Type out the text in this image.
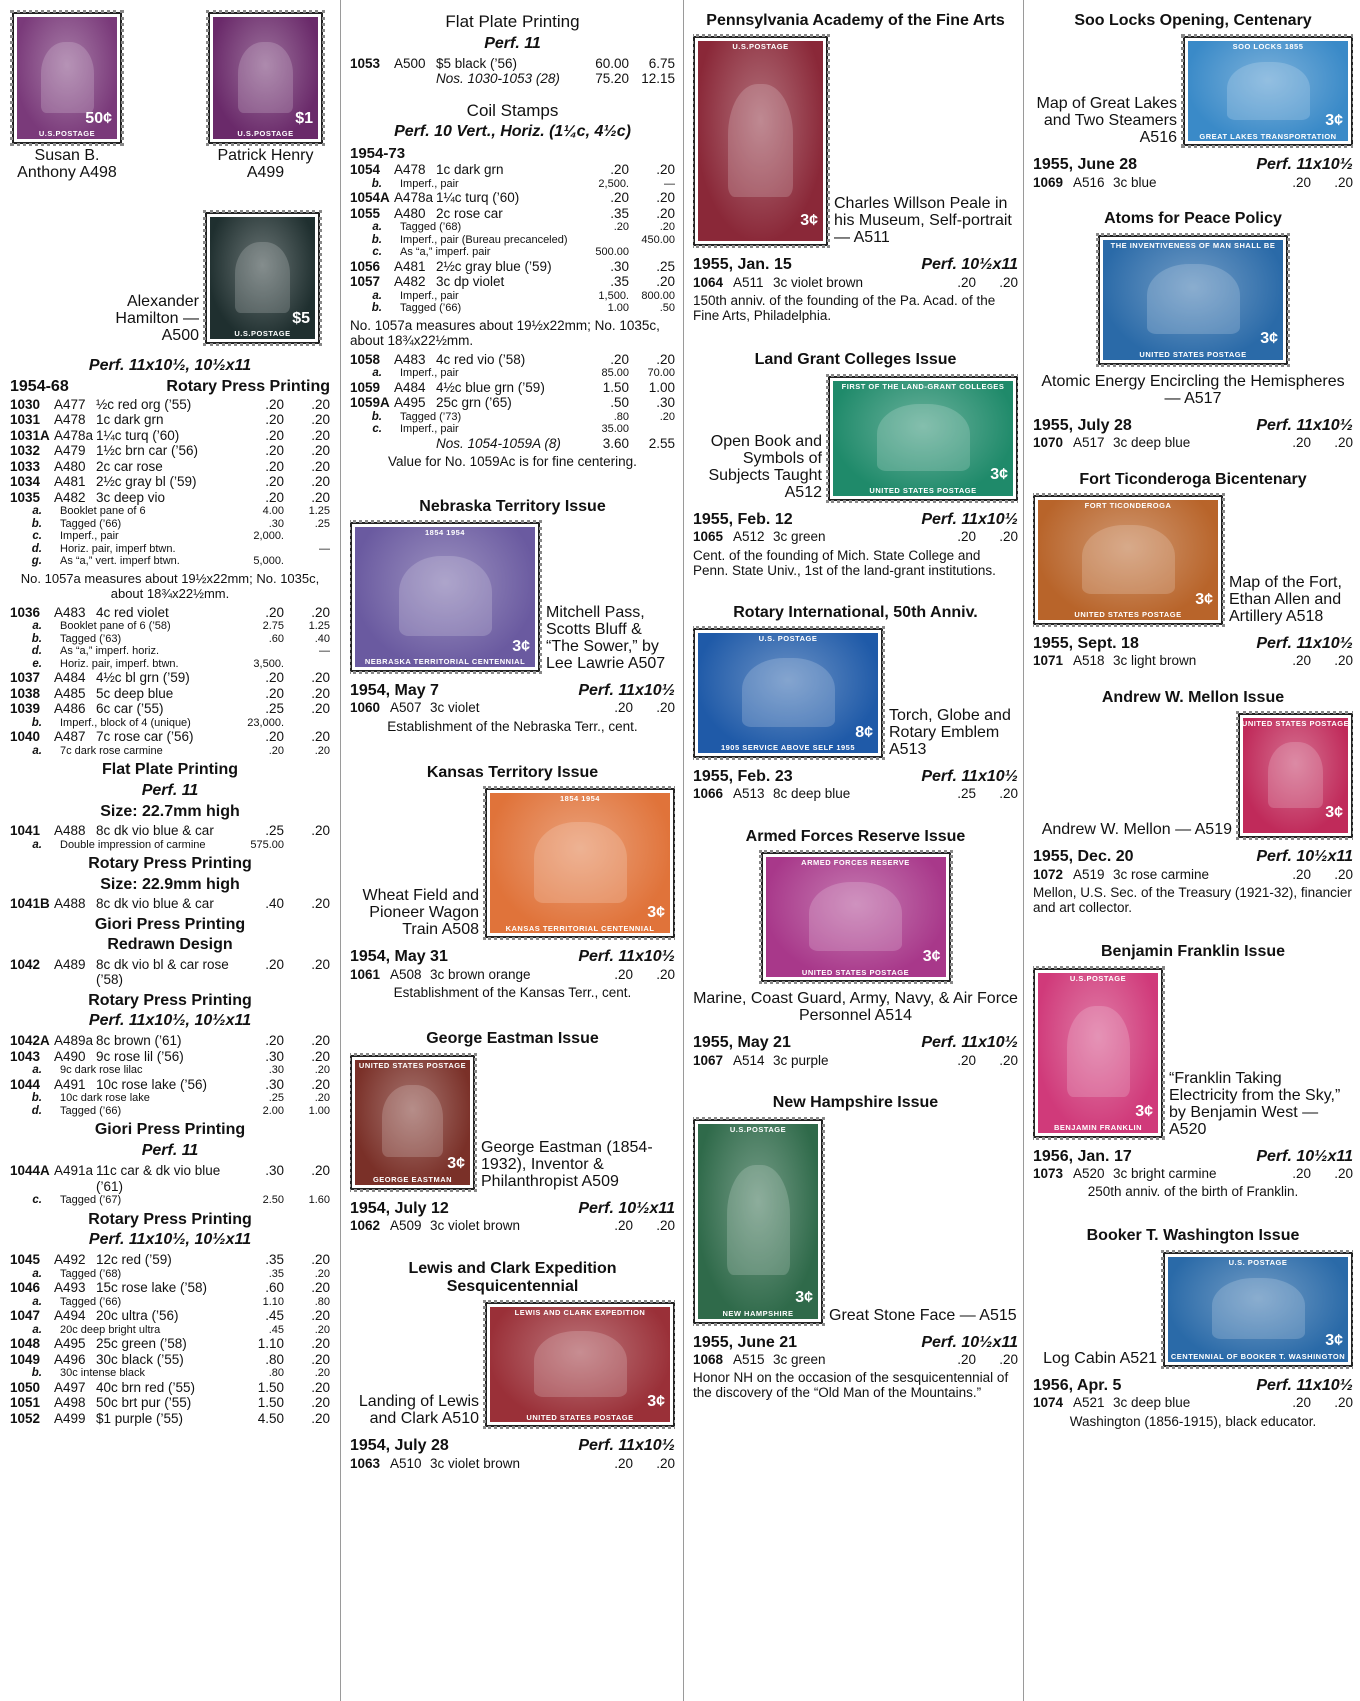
50¢
U.S.POSTAGE
Susan B. Anthony A498
$1
U.S.POSTAGE
Patrick Henry A499
Alexander Hamilton — A500
$5
U.S.POSTAGE
Perf. 11x10½, 10½x11
1954-68	Rotary Press Printing
1030	A477 ½c red org (’55)	.20	.20
1031	A478 1c dark grn	.20	.20
1031A A478a 1¼c turq (’60)	.20	.20
1032	A479 1½c brn car (’56)	.20	.20
1033	A480 2c car rose	.20	.20
1034	A481 2½c gray bl (’59)	.20	.20
1035	A482 3c deep vio	.20	.20
a.	Booklet pane of 6	4.00	1.25
b.	Tagged (’66)	.30	.25
c.	Imperf., pair	2,000.
d.	Horiz. pair, imperf btwn.	—
g.	As “a,” vert. imperf btwn.	5,000.
No. 1057a measures about 19½x22mm; No. 1035c, about 18¾x22½mm.
1036	A483 4c red violet	.20	.20
a.	Booklet pane of 6 (’58)	2.75	1.25
b.	Tagged (’63)	.60	.40
d.	As “a,” imperf. horiz.	—
e.	Horiz. pair, imperf. btwn.	3,500.
1037	A484 4½c bl grn (’59)	.20	.20
1038	A485 5c deep blue	.20	.20
1039	A486 6c car (’55)	.25	.20
b.	Imperf., block of 4 (unique)	23,000.
1040	A487 7c rose car (’56)	.20	.20
a.	7c dark rose carmine	.20	.20
Flat Plate Printing
Perf. 11
Size: 22.7mm high
1041	A488 8c dk vio blue & car	.25	.20
a.	Double impression of carmine	575.00
Rotary Press Printing
Size: 22.9mm high
1041B A488 8c dk vio blue & car	.40	.20
Giori Press Printing
Redrawn Design
1042	A489 8c dk vio bl & car rose (’58)
.20	.20
Rotary Press Printing
Perf. 11x10½, 10½x11
1042A A489a 8c brown (’61)	.20	.20
1043	A490 9c rose lil (’56)	.30	.20
a.	9c dark rose lilac	.30	.20
1044	A491 10c rose lake (’56)	.30	.20
b.	10c dark rose lake	.25	.20
d.	Tagged (’66)	2.00	1.00
Giori Press Printing
Perf. 11
1044A A491a 11c car & dk vio blue (’61)
.30	.20
c.	Tagged (’67)	2.50	1.60
Rotary Press Printing
Perf. 11x10½, 10½x11
1045	A492 12c red (’59)	.35	.20
a.	Tagged (’68)	.35	.20
1046	A493 15c rose lake (’58)	.60	.20
a.	Tagged (’66)	1.10	.80
1047	A494 20c ultra (’56)	.45	.20
a.	20c deep bright ultra	.45	.20
1048	A495 25c green (’58)	1.10	.20
1049	A496 30c black (’55)	.80	.20
b.	30c intense black	.80	.20
1050	A497 40c brn red (’55)	1.50	.20
1051	A498 50c brt pur (’55)	1.50	.20
1052	A499 $1 purple (’55)	4.50	.20
Flat Plate Printing
Perf. 11
1053	A500 $5 black (’56)	60.00	6.75
Nos. 1030-1053 (28)	75.20 12.15
Coil Stamps
Perf. 10 Vert., Horiz. (1¼c, 4½c)
1954-73
1054	A478 1c dark grn	.20	.20
b.	Imperf., pair	2,500.	—
1054A A478a 1¼c turq (’60)	.20	.20
1055	A480 2c rose car	.35	.20
a.	Tagged (’68)	.20	.20
b.	Imperf., pair (Bureau precanceled)	450.00
c.	As “a,” imperf. pair	500.00
1056	A481 2½c gray blue (’59)	.30	.25
1057	A482 3c dp violet	.35	.20
a.	Imperf., pair	1,500.	800.00
b.	Tagged (’66)	1.00	.50
No. 1057a measures about 19½x22mm; No. 1035c, about 18¾x22½mm.
1058	A483 4c red vio (’58)	.20	.20
a.	Imperf., pair	85.00	70.00
1059	A484 4½c blue grn (’59)	1.50	1.00
1059A A495 25c grn (’65)	.50	.30
b.	Tagged (’73)	.80	.20
c.	Imperf., pair	35.00
Nos. 1054-1059A (8)	3.60	2.55
Value for No. 1059Ac is for fine centering.
Nebraska Territory Issue
3¢
1854 1954
NEBRASKA TERRITORIAL CENTENNIAL
Mitchell Pass, Scotts Bluff & “The Sower,” by Lee Lawrie A507
1954, May 7	Perf. 11x10½
1060 A507 3c violet	.20	.20
Establishment of the Nebraska Terr., cent.
Kansas Territory Issue
Wheat Field and Pioneer Wagon Train A508
3¢
1854 1954
KANSAS TERRITORIAL CENTENNIAL
1954, May 31	Perf. 11x10½
1061 A508 3c brown orange	.20	.20
Establishment of the Kansas Terr., cent.
George Eastman Issue
3¢
UNITED STATES POSTAGE
GEORGE EASTMAN
George Eastman (1854-1932), Inventor & Philanthropist A509
1954, July 12	Perf. 10½x11
1062 A509 3c violet brown	.20	.20
Lewis and Clark Expedition Sesquicentennial
Landing of Lewis and Clark A510
3¢
LEWIS AND CLARK EXPEDITION
UNITED STATES POSTAGE
1954, July 28	Perf. 11x10½
1063 A510 3c violet brown	.20	.20
Pennsylvania Academy of the Fine Arts
3¢
U.S.POSTAGE
Charles Willson Peale in his Museum, Self-portrait — A511
1955, Jan. 15	Perf. 10½x11
1064 A511 3c violet brown	.20	.20
150th anniv. of the founding of the Pa. Acad. of the Fine Arts, Philadelphia.
Land Grant Colleges Issue
Open Book and Symbols of Subjects Taught A512
3¢
FIRST OF THE LAND-GRANT COLLEGES
UNITED STATES POSTAGE
1955, Feb. 12	Perf. 11x10½
1065 A512 3c green	.20	.20
Cent. of the founding of Mich. State College and Penn. State Univ., 1st of the land-grant institutions.
Rotary International, 50th Anniv.
8¢
U.S. POSTAGE
1905 SERVICE ABOVE SELF 1955
Torch, Globe and Rotary Emblem A513
1955, Feb. 23	Perf. 11x10½
1066 A513 8c deep blue	.25	.20
Armed Forces Reserve Issue
3¢
ARMED FORCES RESERVE
UNITED STATES POSTAGE
Marine, Coast Guard, Army, Navy, & Air Force Personnel A514
1955, May 21	Perf. 11x10½
1067 A514 3c purple	.20	.20
New Hampshire Issue
3¢
U.S.POSTAGE
NEW HAMPSHIRE	Great Stone Face — A515
1955, June 21	Perf. 10½x11
1068 A515 3c green	.20	.20
Honor NH on the occasion of the sesquicentennial of the discovery of the “Old Man of the Mountains.”
Soo Locks Opening, Centenary
Map of Great Lakes and Two Steamers A516
3¢
SOO LOCKS 1855
GREAT LAKES TRANSPORTATION
1955, June 28	Perf. 11x10½
1069 A516 3c blue	.20	.20
Atoms for Peace Policy
3¢
THE INVENTIVENESS OF MAN SHALL BE
UNITED STATES POSTAGE
Atomic Energy Encircling the Hemispheres — A517
1955, July 28	Perf. 11x10½
1070 A517 3c deep blue	.20	.20
Fort Ticonderoga Bicentenary
3¢
FORT TICONDEROGA
UNITED STATES POSTAGE
Map of the Fort, Ethan Allen and Artillery A518
1955, Sept. 18	Perf. 11x10½
1071 A518 3c light brown	.20	.20
Andrew W. Mellon Issue
Andrew W. Mellon — A519
3¢
UNITED STATES POSTAGE
1955, Dec. 20	Perf. 10½x11
1072 A519 3c rose carmine	.20	.20
Mellon, U.S. Sec. of the Treasury (1921-32), financier and art collector.
Benjamin Franklin Issue
3¢
U.S.POSTAGE
BENJAMIN FRANKLIN
“Franklin Taking Electricity from the Sky,” by Benjamin West — A520
1956, Jan. 17	Perf. 10½x11
1073 A520 3c bright carmine	.20	.20
250th anniv. of the birth of Franklin.
Booker T. Washington Issue
Log Cabin A521
3¢
U.S. POSTAGE
CENTENNIAL OF BOOKER T. WASHINGTON
1956, Apr. 5	Perf. 11x10½
1074 A521 3c deep blue	.20	.20
Washington (1856-1915), black educator.
